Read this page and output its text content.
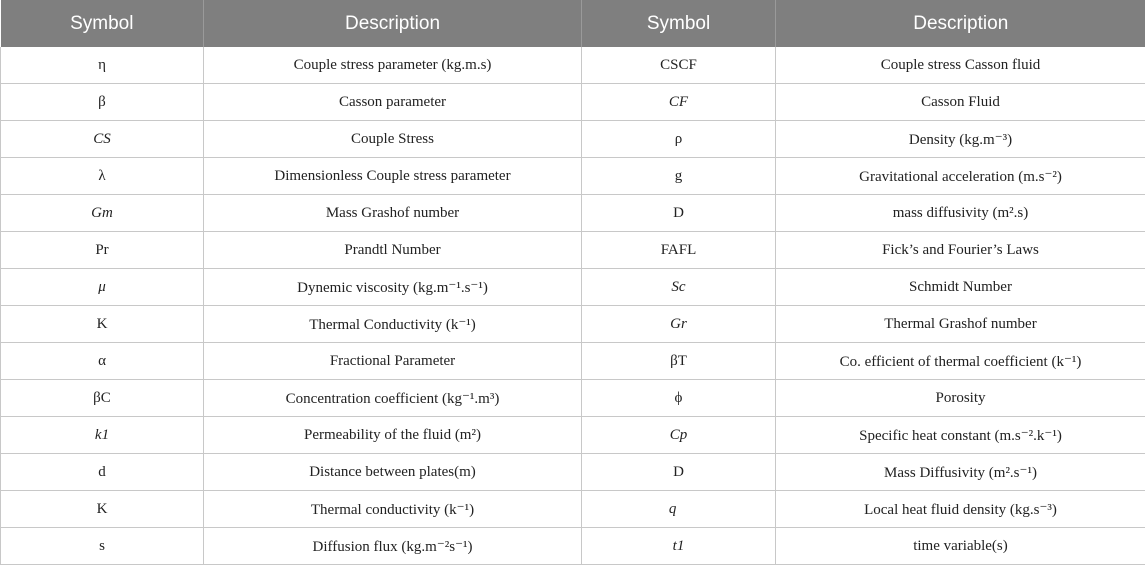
Symbol	Description	Symbol	Description
η	Couple stress parameter (kg.m.s)	CSCF	Couple stress Casson fluid
β	Casson parameter	CF	Casson Fluid
CS	Couple Stress	ρ	Density (kg.m⁻³)
λ	Dimensionless Couple stress parameter	g	Gravitational acceleration (m.s⁻²)
Gm	Mass Grashof number	D	mass diffusivity (m².s)
Pr	Prandtl Number	FAFL	Fick’s and Fourier’s Laws
μ	Dynemic viscosity (kg.m⁻¹.s⁻¹)	Sc	Schmidt Number
K	Thermal Conductivity (k⁻¹)	Gr	Thermal Grashof number
α	Fractional Parameter	βT	Co. efficient of thermal coefficient (k⁻¹)
βC	Concentration coefficient (kg⁻¹.m³)	ϕ	Porosity
k1	Permeability of the fluid (m²)	Cp	Specific heat constant (m.s⁻².k⁻¹)
d	Distance between plates(m)	D	Mass Diffusivity (m².s⁻¹)
K	Thermal conductivity (k⁻¹)	q⃗	Local heat fluid density (kg.s⁻³)
s	Diffusion flux (kg.m⁻²s⁻¹)	t1	time variable(s)
